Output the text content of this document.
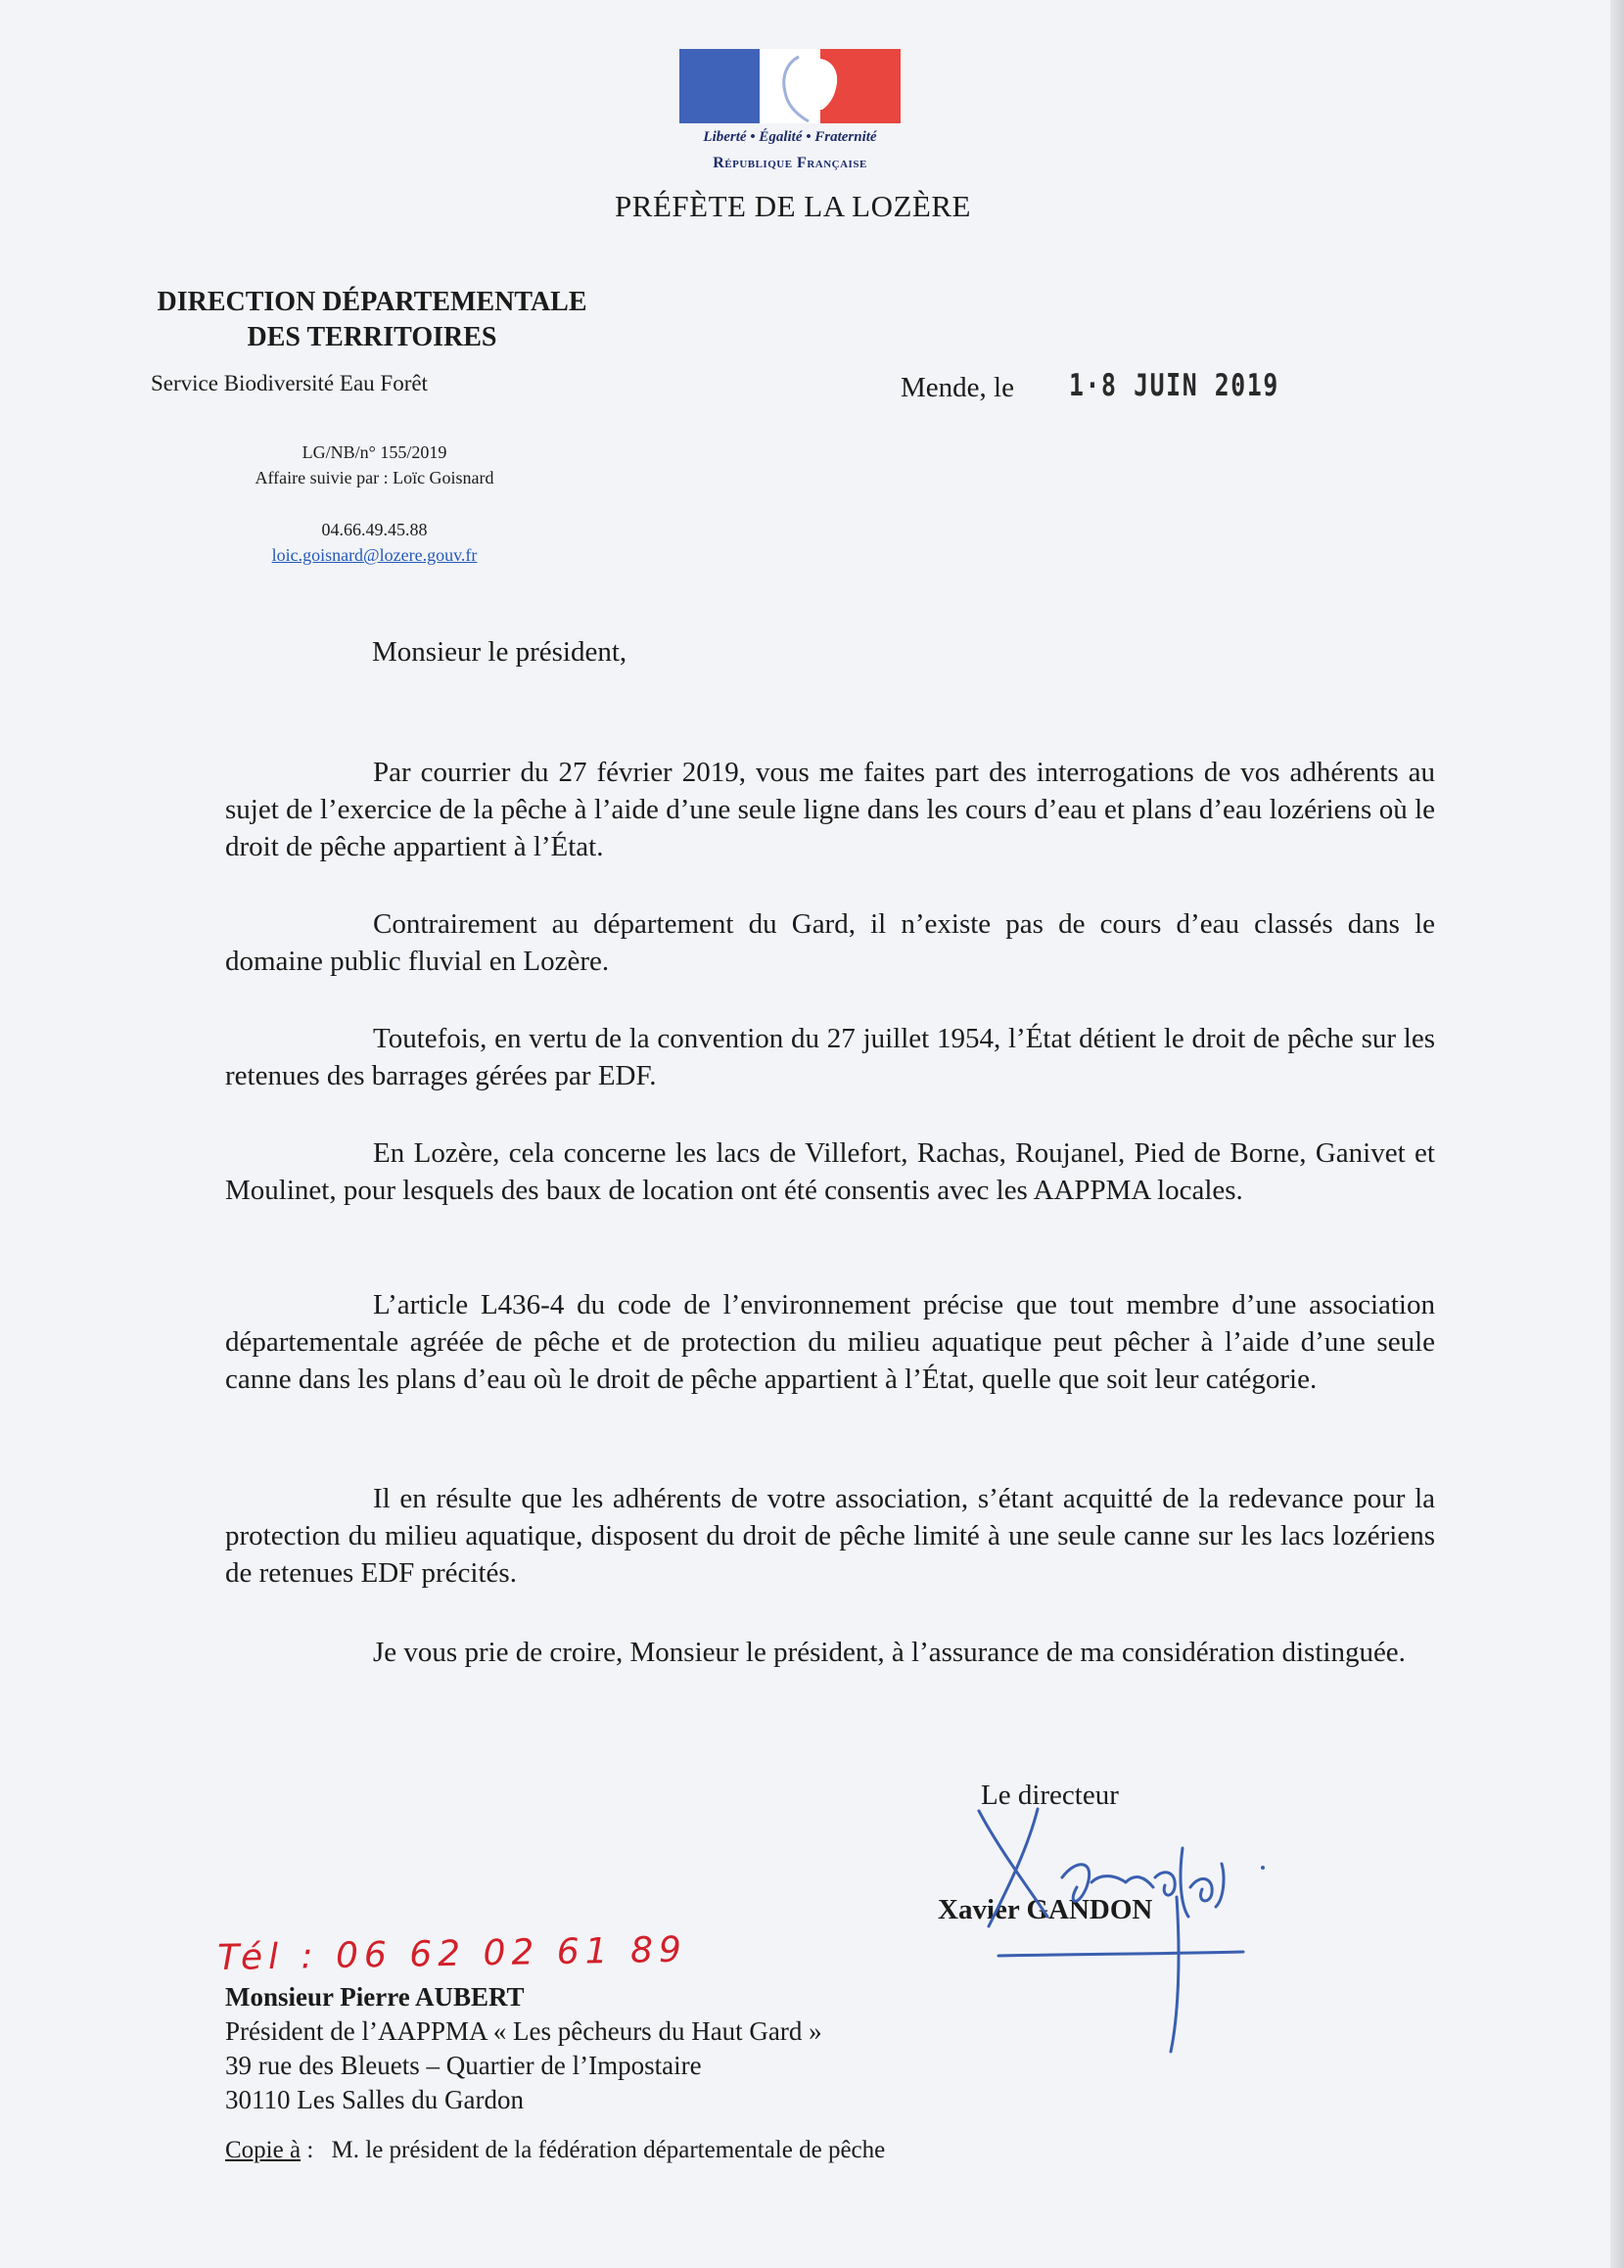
Liberté • Égalité • Fraternité
République Française
PRÉFÈTE DE LA LOZÈRE
DIRECTION DÉPARTEMENTALE
DES TERRITOIRES
Service Biodiversité Eau Forêt
LG/NB/n° 155/2019
Affaire suivie par : Loïc Goisnard
04.66.49.45.88
loic.goisnard@lozere.gouv.fr
Mende, le 1·8 JUIN 2019
Monsieur le président,
Par courrier du 27 février 2019, vous me faites part des interrogations de vos adhérents au sujet de l’exercice de la pêche à l’aide d’une seule ligne dans les cours d’eau et plans d’eau lozériens où le droit de pêche appartient à l’État.
Contrairement au département du Gard, il n’existe pas de cours d’eau classés dans le domaine public fluvial en Lozère.
Toutefois, en vertu de la convention du 27 juillet 1954, l’État détient le droit de pêche sur les retenues des barrages gérées par EDF.
En Lozère, cela concerne les lacs de Villefort, Rachas, Roujanel, Pied de Borne, Ganivet et Moulinet, pour lesquels des baux de location ont été consentis avec les AAPPMA locales.
L’article L436-4 du code de l’environnement précise que tout membre d’une association départementale agréée de pêche et de protection du milieu aquatique peut pêcher à l’aide d’une seule canne dans les plans d’eau où le droit de pêche appartient à l’État, quelle que soit leur catégorie.
Il en résulte que les adhérents de votre association, s’étant acquitté de la redevance pour la protection du milieu aquatique, disposent du droit de pêche limité à une seule canne sur les lacs lozériens de retenues EDF précités.
Je vous prie de croire, Monsieur le président, à l’assurance de ma considération distinguée.
Le directeur
Xavier GANDON
Tél : 06 62 02 61 89
Monsieur Pierre AUBERT
Président de l’AAPPMA « Les pêcheurs du Haut Gard »
39 rue des Bleuets – Quartier de l’Impostaire
30110 Les Salles du Gardon
Copie à : M. le président de la fédération départementale de pêche
